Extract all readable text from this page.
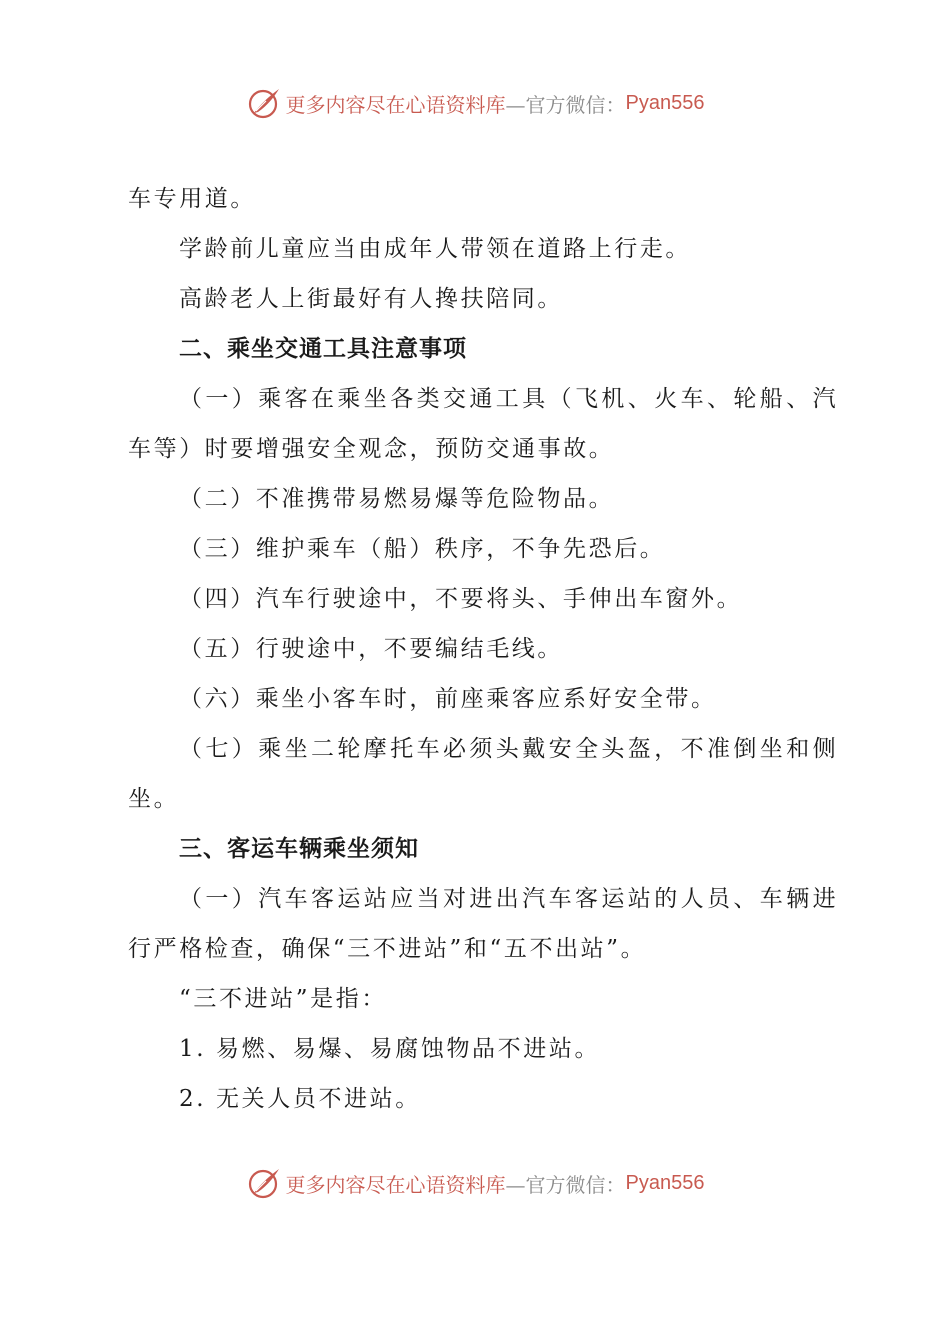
更多内容尽在心语资料库 —官方微信： Pyan556
车专用道。
学龄前儿童应当由成年人带领在道路上行走。
高龄老人上街最好有人搀扶陪同。
二、乘坐交通工具注意事项
（一）乘客在乘坐各类交通工具（飞机、火车、轮船、汽
车等）时要增强安全观念，预防交通事故。
（二）不准携带易燃易爆等危险物品。
（三）维护乘车（船）秩序，不争先恐后。
（四）汽车行驶途中，不要将头、手伸出车窗外。
（五）行驶途中，不要编结毛线。
（六）乘坐小客车时，前座乘客应系好安全带。
（七）乘坐二轮摩托车必须头戴安全头盔，不准倒坐和侧
坐。
三、客运车辆乘坐须知
（一）汽车客运站应当对进出汽车客运站的人员、车辆进
行严格检查，确保“三不进站”和“五不出站”。
“三不进站”是指：
1. 易燃、易爆、易腐蚀物品不进站。
2. 无关人员不进站。
更多内容尽在心语资料库 —官方微信： Pyan556
